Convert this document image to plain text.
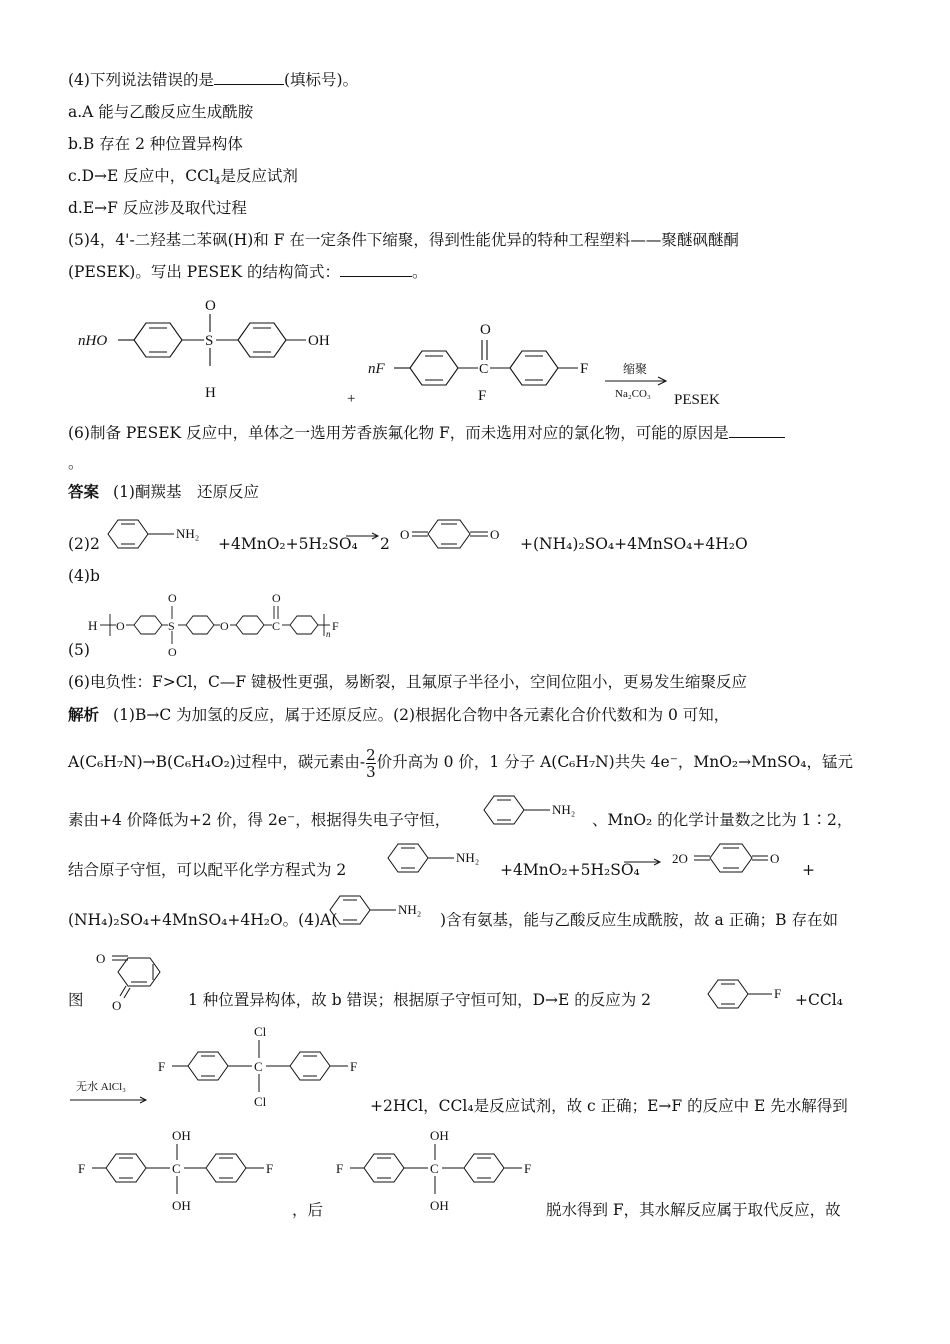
(4)下列说法错误的是	(填标号)。
a.A 能与乙酸反应生成酰胺
b.B 存在 2 种位置异构体
c.D→E 反应中，CCl$_4$是反应试剂
d.E→F 反应涉及取代过程
(5)4，4'-二羟基二苯砜(H)和 F 在一定条件下缩聚，得到性能优异的特种工程塑料——聚醚砜醚酮
(PESEK)。写出 PESEK 的结构简式：	。
nHO	OH
O
S
H	+
nF
O
C
F
F	缩聚
Na₂CO₃ PESEK
(6)制备 PESEK 反应中，单体之一选用芳香族氟化物 F，而未选用对应的氯化物，可能的原因是
。
答案 (1)酮羰基　还原反应
(2)2
NH₂
+4MnO₂+5H₂SO₄ → 2
O	O
+(NH₄)₂SO₄+4MnSO₄+4H₂O
(4)b
H O
O
S
O
O
O
C
n
F
(5)
(6)电负性：F>Cl，C—F 键极性更强，易断裂，且氟原子半径小，空间位阻小，更易发生缩聚反应
解析 (1)B→C 为加氢的反应，属于还原反应。(2)根据化合物中各元素化合价代数和为 0 可知，
A(C₆H₇N)→B(C₆H₄O₂)过程中，碳元素由- $\frac{2}{3}$ 价升高为 0 价，1 分子 A(C₆H₇N)共失 4e⁻，MnO₂→MnSO₄，锰元
素由+4 价降低为+2 价，得 2e⁻，根据得失电子守恒，
NH₂
、MnO₂ 的化学计量数之比为 1∶2，
结合原子守恒，可以配平化学方程式为 2
NH₂
+4MnO₂+5H₂SO₄
→ 2O	O
+
(NH₄)₂SO₄+4MnSO₄+4H₂O。(4)A(
NH₂
)含有氨基，能与乙酸反应生成酰胺，故 a 正确；B 存在如
O
O
图	1 种位置异构体，故 b 错误；根据原子守恒可知，D→E 的反应为 2	F +CCl₄
无水 AlCl₃
F
Cl
C
Cl
F
+2HCl，CCl₄是反应试剂，故 c 正确；E→F 的反应中 E 先水解得到
F
OH
C
OH
F
，后
F
OH
C
OH
F
脱水得到 F，其水解反应属于取代反应，故
